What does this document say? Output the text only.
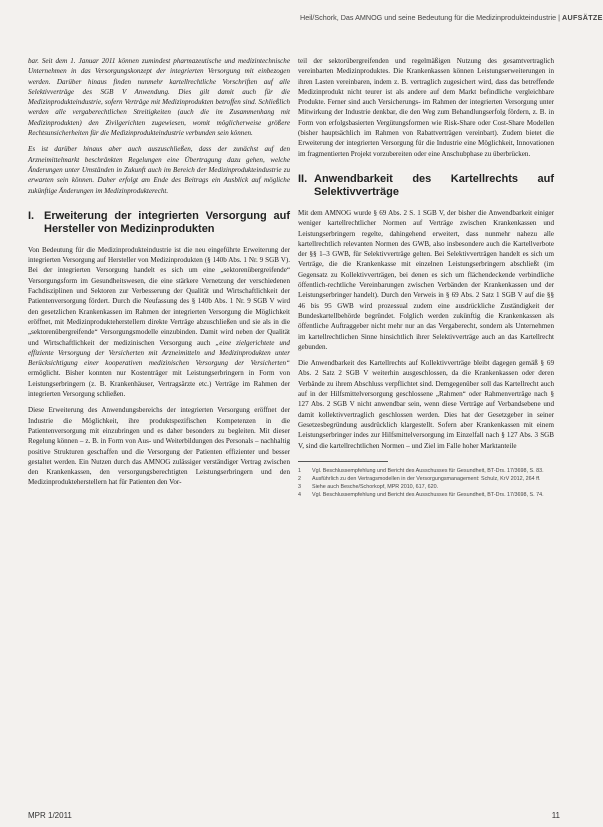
Heil/Schork, Das AMNOG und seine Bedeutung für die Medizinprodukteindustrie | AUFSÄTZE

bar. Seit dem 1. Januar 2011 können zumindest pharmazeutische und medizintechnische Unternehmen in das Versorgungskonzept der integrierten Versorgung mit einbezogen werden. Darüber hinaus finden nunmehr kartellrechtliche Vorschriften auf alle Selektivverträge des SGB V Anwendung. Dies gilt damit auch für die Medizinprodukteindustrie, sofern Verträge mit Medizinprodukten betroffen sind. Schließlich werden alle vergaberechtlichen Streitigkeiten (auch die im Zusammenhang mit Medizinprodukten) den Zivilgerichten zugewiesen, womit möglicherweise größere Rechtsunsicherheiten für die Medizinprodukteindustrie verbunden sein können.

Es ist darüber hinaus aber auch auszuschließen, dass der zunächst auf den Arzneimittelmarkt beschränkten Regelungen eine Übertragung dazu gehen, welche Änderungen unter Umständen in Zukunft auch im Bereich der Medizinprodukteindustrie zu erwarten sein können. Daher erfolgt am Ende des Beitrags ein Ausblick auf mögliche zukünftige Änderungen im Medizinprodukterecht.

I. Erweiterung der integrierten Versorgung auf Hersteller von Medizinprodukten

Von Bedeutung für die Medizinprodukteindustrie ist die neu eingeführte Erweiterung der integrierten Versorgung auf Hersteller von Medizinprodukten (§ 140b Abs. 1 Nr. 9 SGB V). Bei der integrierten Versorgung handelt es sich um eine „sektorenübergreifende“ Versorgungsform im Gesundheitswesen, die eine stärkere Vernetzung der verschiedenen Fachdisziplinen und Sektoren zur Verbesserung der Qualität und Wirtschaftlichkeit der Patientenversorgung fördert. Durch die Neufassung des § 140b Abs. 1 Nr. 9 SGB V wird den gesetzlichen Krankenkassen im Rahmen der integrierten Versorgung die Möglichkeit eröffnet, mit Medizinprodukteherstellern direkte Verträge abzuschließen und sie als in die „sektorenübergreifende“ Versorgungsmodelle einzubinden. Damit wird neben der Qualität und Wirtschaftlichkeit der medizinischen Versorgung auch „eine zielgerichtete und effiziente Versorgung der Versicherten mit Arzneimitteln und Medizinprodukten unter Berücksichtigung einer kooperativen medizinischen Versorgung der Versicherten“ ermöglicht. Bisher konnten nur Kostenträger mit Leistungserbringern in Form von Leistungserbringern (z. B. Krankenhäuser, Vertragsärzte etc.) Verträge im Rahmen der integrierten Versorgung schließen.

Diese Erweiterung des Anwendungsbereichs der integrierten Versorgung eröffnet der Industrie die Möglichkeit, ihre produktspezifischen Kompetenzen in die Patientenversorgung mit einzubringen und es daher besonders zu begleiten. Mit dieser Regelung können – z. B. in Form von Aus- und Weiterbildungen des Personals – nachhaltig positive Strukturen geschaffen und die Versorgung der Patienten effizienter und besser gestaltet werden. Ein Nutzen durch das AMNOG zulässiger verständiger Vertrag zwischen den Krankenkassen, den versorgungsberechtigten Leistungserbringern und den Medizinprodukteherstellern hat für Patienten den Vor-

teil der sektorübergreifenden und regelmäßigen Nutzung des gesamtvertraglich vereinbarten Medizinproduktes. Die Krankenkassen können Leistungserweiterungen in ihren Lasten vereinbaren, indem z. B. vertraglich zugesichert wird, dass das betreffende Medizinprodukt nicht teurer ist als andere auf dem Markt befindliche vergleichbare Produkte. Ferner sind auch Versicherungs- im Rahmen der integrierten Versorgung unter Mitwirkung der Industrie denkbar, die den Weg zum Behandlungserfolg fördern, z. B. in Form von erfolgsbasierten Vergütungsformen wie Risk-Share oder Cost-Share Modellen (bisher hauptsächlich im Rahmen von Rabattverträgen vereinbart). Zudem bietet die Erweiterung der integrierten Versorgung für die Industrie eine Möglichkeit, Innovationen im fragmentierten Projekt vorzubereiten oder eine Anschubphase zu überbrücken.

II. Anwendbarkeit des Kartellrechts auf Selektivverträge

Mit dem AMNOG wurde § 69 Abs. 2 S. 1 SGB V, der bisher die Anwendbarkeit einiger weniger kartellrechtlicher Normen auf Verträge zwischen Krankenkassen und Leistungserbringern regelte, dahingehend erweitert, dass nunmehr nahezu alle kartellrechtlich relevanten Normen des GWB, also insbesondere auch die Kartellverbote der §§ 1–3 GWB, für Selektivverträge gelten. Bei Selektivverträgen handelt es sich um Verträge, die die Krankenkasse mit einzelnen Leistungserbringern abschließt (im Gegensatz zu Kollektivverträgen, bei denen es sich um flächendeckende verbindliche öffentlich-rechtliche Vereinbarungen zwischen Verbänden der Krankenkassen und der Leistungserbringer handelt). Durch den Verweis in § 69 Abs. 2 Satz 1 SGB V auf die §§ 46 bis 95 GWB wird prozessual zudem eine ausdrückliche Zuständigkeit der Bundeskartellbehörde begründet. Folglich werden zukünftig die Krankenkassen als öffentliche Auftraggeber nicht mehr nur an das Vergaberecht, sondern als Unternehmen im kartellrechtlichen Sinne hinsichtlich ihrer Selektivverträge auch an das Kartellrecht gebunden.

Die Anwendbarkeit des Kartellrechts auf Kollektivverträge bleibt dagegen gemäß § 69 Abs. 2 Satz 2 SGB V weiterhin ausgeschlossen, da die Krankenkassen oder deren Verbände zu ihrem Abschluss verpflichtet sind. Demgegenüber soll das Kartellrecht auch auf in der Hilfsmittelversorgung geschlossene „Rahmen“ oder Rahmenverträge nach § 127 Abs. 2 SGB V nicht anwendbar sein, wenn diese Verträge auf Verbandsebene und damit kollektivvertraglich geschlossen werden. Dies hat der Gesetzgeber in seiner Gesetzesbegründung ausdrücklich klargestellt. Sofern aber Krankenkassen mit einem Leistungserbringer indes zur Hilfsmittelversorgung im Einzelfall nach § 127 Abs. 3 SGB V, sind die kartellrechtlichen Normen – und Ziel im Falle hoher Marktanteile

1	Vgl. Beschlussempfehlung und Bericht des Ausschusses für Gesundheit, BT-Drs. 17/3698, S. 83.
2	Ausführlich zu den Vertragsmodellen in der Versorgungsmanagement: Schulz, KrV 2012, 264 ff.
3	Siehe auch Besche/Schorkopf, MPR 2010, 617, 620.
4	Vgl. Beschlussempfehlung und Bericht des Ausschusses für Gesundheit, BT-Drs. 17/3698, S. 74.
MPR 1/2011	11
